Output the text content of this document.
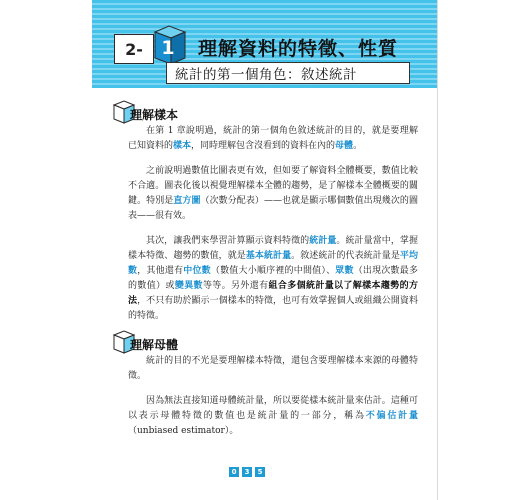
2- 1	理解資料的特徵、性質
統計的第一個角色：敘述統計
理解樣本

在第 1 章說明過，統計的第一個角色敘述統計的目的，就是要理解已知資料的樣本，同時理解包含沒看到的資料在內的母體。

之前說明過數值比圖表更有效，但如要了解資料全體概要，數值比較不合適。圖表化後以視覺理解樣本全體的趨勢，是了解樣本全體概要的關鍵。特別是直方圖（次數分配表）——也就是顯示哪個數值出現幾次的圖表——很有效。

其次，讓我們來學習計算顯示資料特徵的統計量。統計量當中，掌握樣本特徵、趨勢的數值，就是基本統計量。敘述統計的代表統計量是平均數，其他還有中位數（數值大小順序裡的中間值）、眾數（出現次數最多的數值）或變異數等等。另外還有組合多個統計量以了解樣本趨勢的方法，不只有助於顯示一個樣本的特徵，也可有效掌握個人或組織公開資料的特徵。

理解母體

統計的目的不光是要理解樣本特徵，還包含要理解樣本來源的母體特徵。

因為無法直接知道母體統計量，所以要從樣本統計量來估計。這種可以表示母體特徵的數值也是統計量的一部分，稱為不偏估計量（unbiased estimator）。

0	3	5
